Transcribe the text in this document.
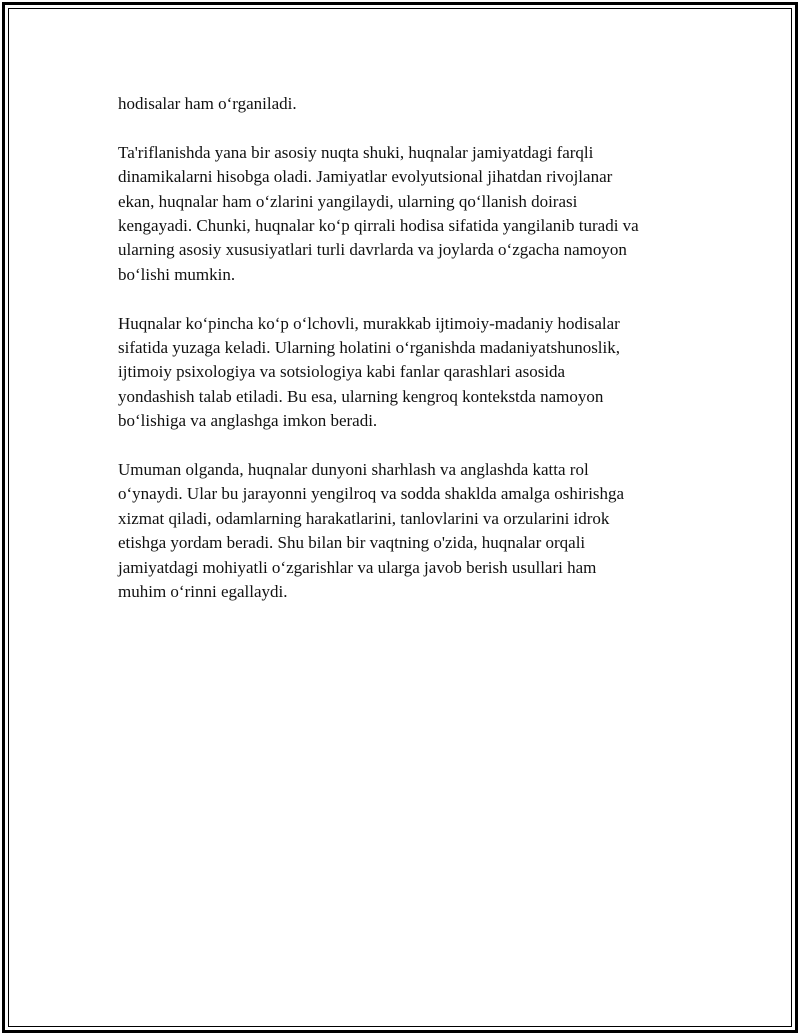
hodisalar ham o‘rganiladi.

Ta'riflanishda yana bir asosiy nuqta shuki, huqnalar jamiyatdagi farqli
dinamikalarni hisobga oladi. Jamiyatlar evolyutsional jihatdan rivojlanar
ekan, huqnalar ham o‘zlarini yangilaydi, ularning qo‘llanish doirasi
kengayadi. Chunki, huqnalar ko‘p qirrali hodisa sifatida yangilanib turadi va
ularning asosiy xususiyatlari turli davrlarda va joylarda o‘zgacha namoyon
bo‘lishi mumkin.

Huqnalar ko‘pincha ko‘p o‘lchovli, murakkab ijtimoiy-madaniy hodisalar
sifatida yuzaga keladi. Ularning holatini o‘rganishda madaniyatshunoslik,
ijtimoiy psixologiya va sotsiologiya kabi fanlar qarashlari asosida
yondashish talab etiladi. Bu esa, ularning kengroq kontekstda namoyon
bo‘lishiga va anglashga imkon beradi.

Umuman olganda, huqnalar dunyoni sharhlash va anglashda katta rol
o‘ynaydi. Ular bu jarayonni yengilroq va sodda shaklda amalga oshirishga
xizmat qiladi, odamlarning harakatlarini, tanlovlarini va orzularini idrok
etishga yordam beradi. Shu bilan bir vaqtning o'zida, huqnalar orqali
jamiyatdagi mohiyatli o‘zgarishlar va ularga javob berish usullari ham
muhim o‘rinni egallaydi.
